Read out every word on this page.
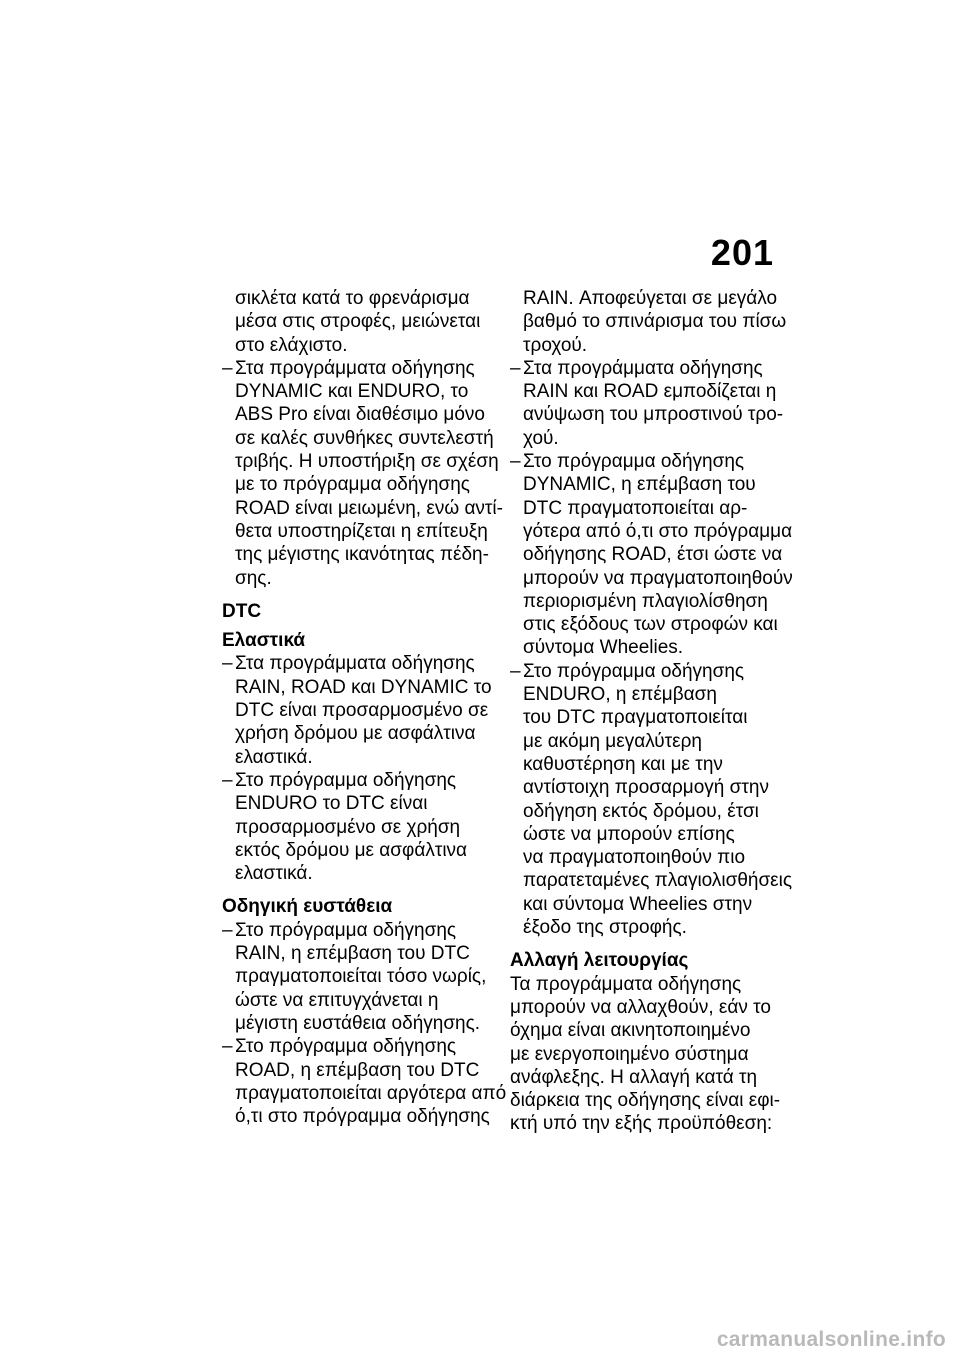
201
σικλέτα κατά το φρενάρισμα
μέσα στις στροφές, μειώνεται
στο ελάχιστο.
– Στα προγράμματα οδήγησης
DYNAMIC και ENDURO, το
ABS Pro είναι διαθέσιμο μόνο
σε καλές συνθήκες συντελεστή
τριβής. Η υποστήριξη σε σχέση
με το πρόγραμμα οδήγησης
ROAD είναι μειωμένη, ενώ αντί-
θετα υποστηρίζεται η επίτευξη
της μέγιστης ικανότητας πέδη-
σης.
DTC
Ελαστικά
– Στα προγράμματα οδήγησης
RAIN, ROAD και DYNAMIC το
DTC είναι προσαρμοσμένο σε
χρήση δρόμου με ασφάλτινα
ελαστικά.
– Στο πρόγραμμα οδήγησης
ENDURO το DTC είναι
προσαρμοσμένο σε χρήση
εκτός δρόμου με ασφάλτινα
ελαστικά.
Οδηγική ευστάθεια
– Στο πρόγραμμα οδήγησης
RAIN, η επέμβαση του DTC
πραγματοποιείται τόσο νωρίς,
ώστε να επιτυγχάνεται η
μέγιστη ευστάθεια οδήγησης.
– Στο πρόγραμμα οδήγησης
ROAD, η επέμβαση του DTC
πραγματοποιείται αργότερα από
ό,τι στο πρόγραμμα οδήγησης
RAIN. Αποφεύγεται σε μεγάλο
βαθμό το σπινάρισμα του πίσω
τροχού.
– Στα προγράμματα οδήγησης
RAIN και ROAD εμποδίζεται η
ανύψωση του μπροστινού τρο-
χού.
– Στο πρόγραμμα οδήγησης
DYNAMIC, η επέμβαση του
DTC πραγματοποιείται αρ-
γότερα από ό,τι στο πρόγραμμα
οδήγησης ROAD, έτσι ώστε να
μπορούν να πραγματοποιηθούν
περιορισμένη πλαγιολίσθηση
στις εξόδους των στροφών και
σύντομα Wheelies.
– Στο πρόγραμμα οδήγησης
ENDURO, η επέμβαση
του DTC πραγματοποιείται
με ακόμη μεγαλύτερη
καθυστέρηση και με την
αντίστοιχη προσαρμογή στην
οδήγηση εκτός δρόμου, έτσι
ώστε να μπορούν επίσης
να πραγματοποιηθούν πιο
παρατεταμένες πλαγιολισθήσεις
και σύντομα Wheelies στην
έξοδο της στροφής.
Αλλαγή λειτουργίας
Τα προγράμματα οδήγησης
μπορούν να αλλαχθούν, εάν το
όχημα είναι ακινητοποιημένο
με ενεργοποιημένο σύστημα
ανάφλεξης. Η αλλαγή κατά τη
διάρκεια της οδήγησης είναι εφι-
κτή υπό την εξής προϋπόθεση:
carmanualsonline.info
